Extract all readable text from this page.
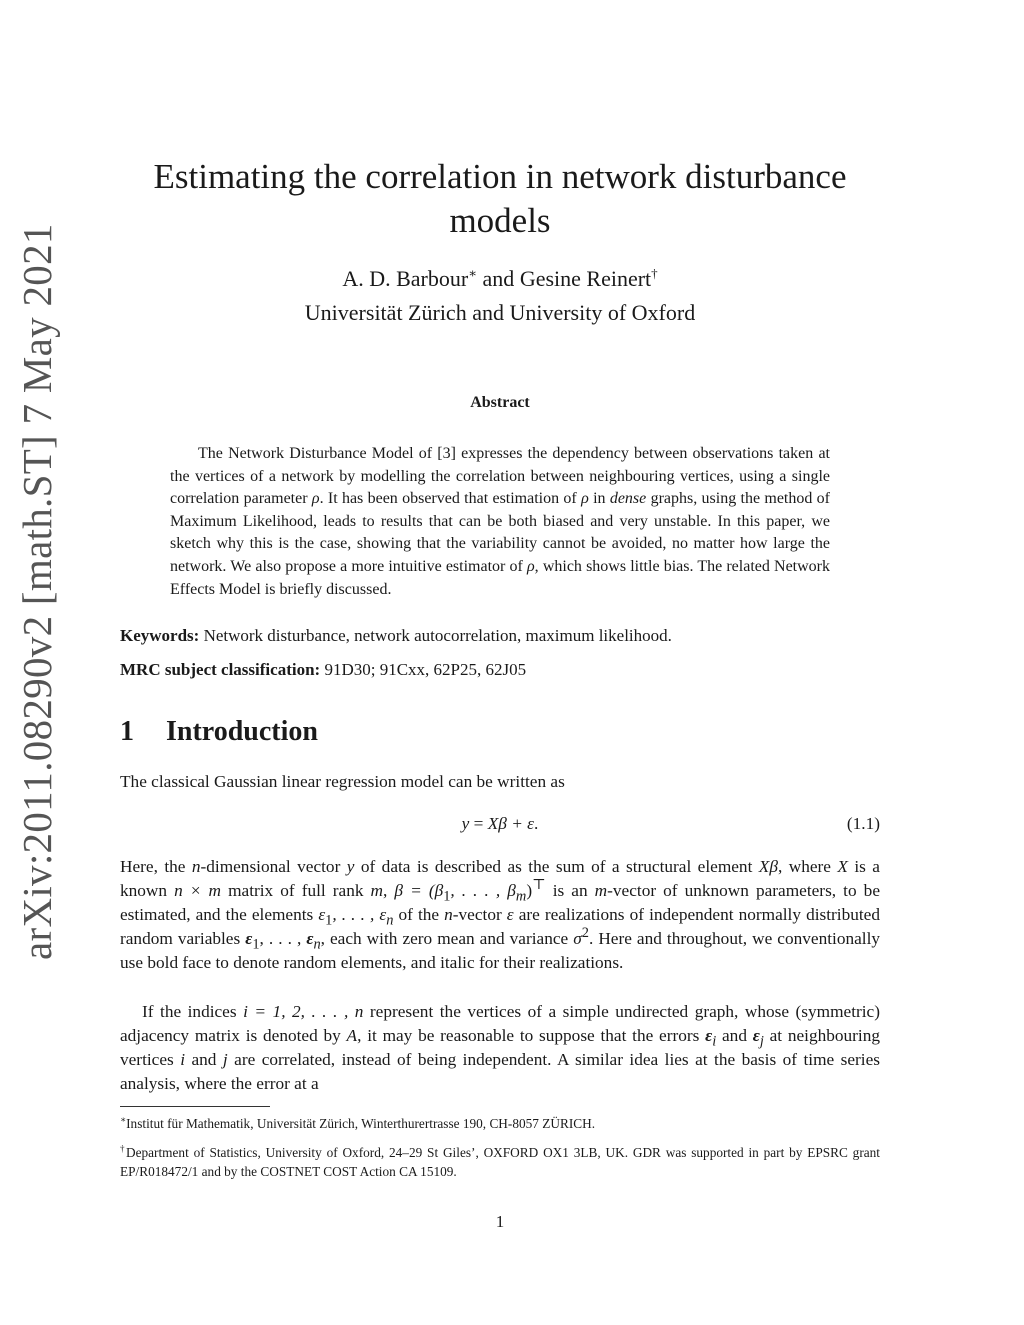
arXiv:2011.08290v2 [math.ST] 7 May 2021
Estimating the correlation in network disturbance models
A. D. Barbour∗ and Gesine Reinert†
Universität Zürich and University of Oxford
Abstract

The Network Disturbance Model of [3] expresses the dependency between observations taken at the vertices of a network by modelling the correlation between neighbouring vertices, using a single correlation parameter ρ. It has been observed that estimation of ρ in dense graphs, using the method of Maximum Likelihood, leads to results that can be both biased and very unstable. In this paper, we sketch why this is the case, showing that the variability cannot be avoided, no matter how large the network. We also propose a more intuitive estimator of ρ, which shows little bias. The related Network Effects Model is briefly discussed.

Keywords: Network disturbance, network autocorrelation, maximum likelihood.
MRC subject classification: 91D30; 91Cxx, 62P25, 62J05
1 Introduction

The classical Gaussian linear regression model can be written as

y = Xβ + ε.	(1.1)

Here, the n-dimensional vector y of data is described as the sum of a structural element Xβ, where X is a known n × m matrix of full rank m, $\beta = (\beta_1$, . . . , $\beta_m)^⊤$ is an m-vector of unknown parameters, to be estimated, and the elements $\varepsilon_1$, . . . , $\varepsilon_n$ of the n-vector ε are realizations of independent normally distributed random variables $\varepsilon_1$, . . . , $\varepsilon_n$, each with zero mean and variance $\sigma^2$. Here and throughout, we conventionally use bold face to denote random elements, and italic for their realizations.

If the indices i = 1, 2, . . . , n represent the vertices of a simple undirected graph, whose (symmetric) adjacency matrix is denoted by A, it may be reasonable to suppose that the errors $\varepsilon_i$ and $\varepsilon_j$ at neighbouring vertices i and j are correlated, instead of being independent. A similar idea lies at the basis of time series analysis, where the error at a

∗Institut für Mathematik, Universität Zürich, Winterthurertrasse 190, CH-8057 ZÜRICH.
†Department of Statistics, University of Oxford, 24–29 St Giles’, OXFORD OX1 3LB, UK. GDR was supported in part by EPSRC grant EP/R018472/1 and by the COSTNET COST Action CA 15109.
1
